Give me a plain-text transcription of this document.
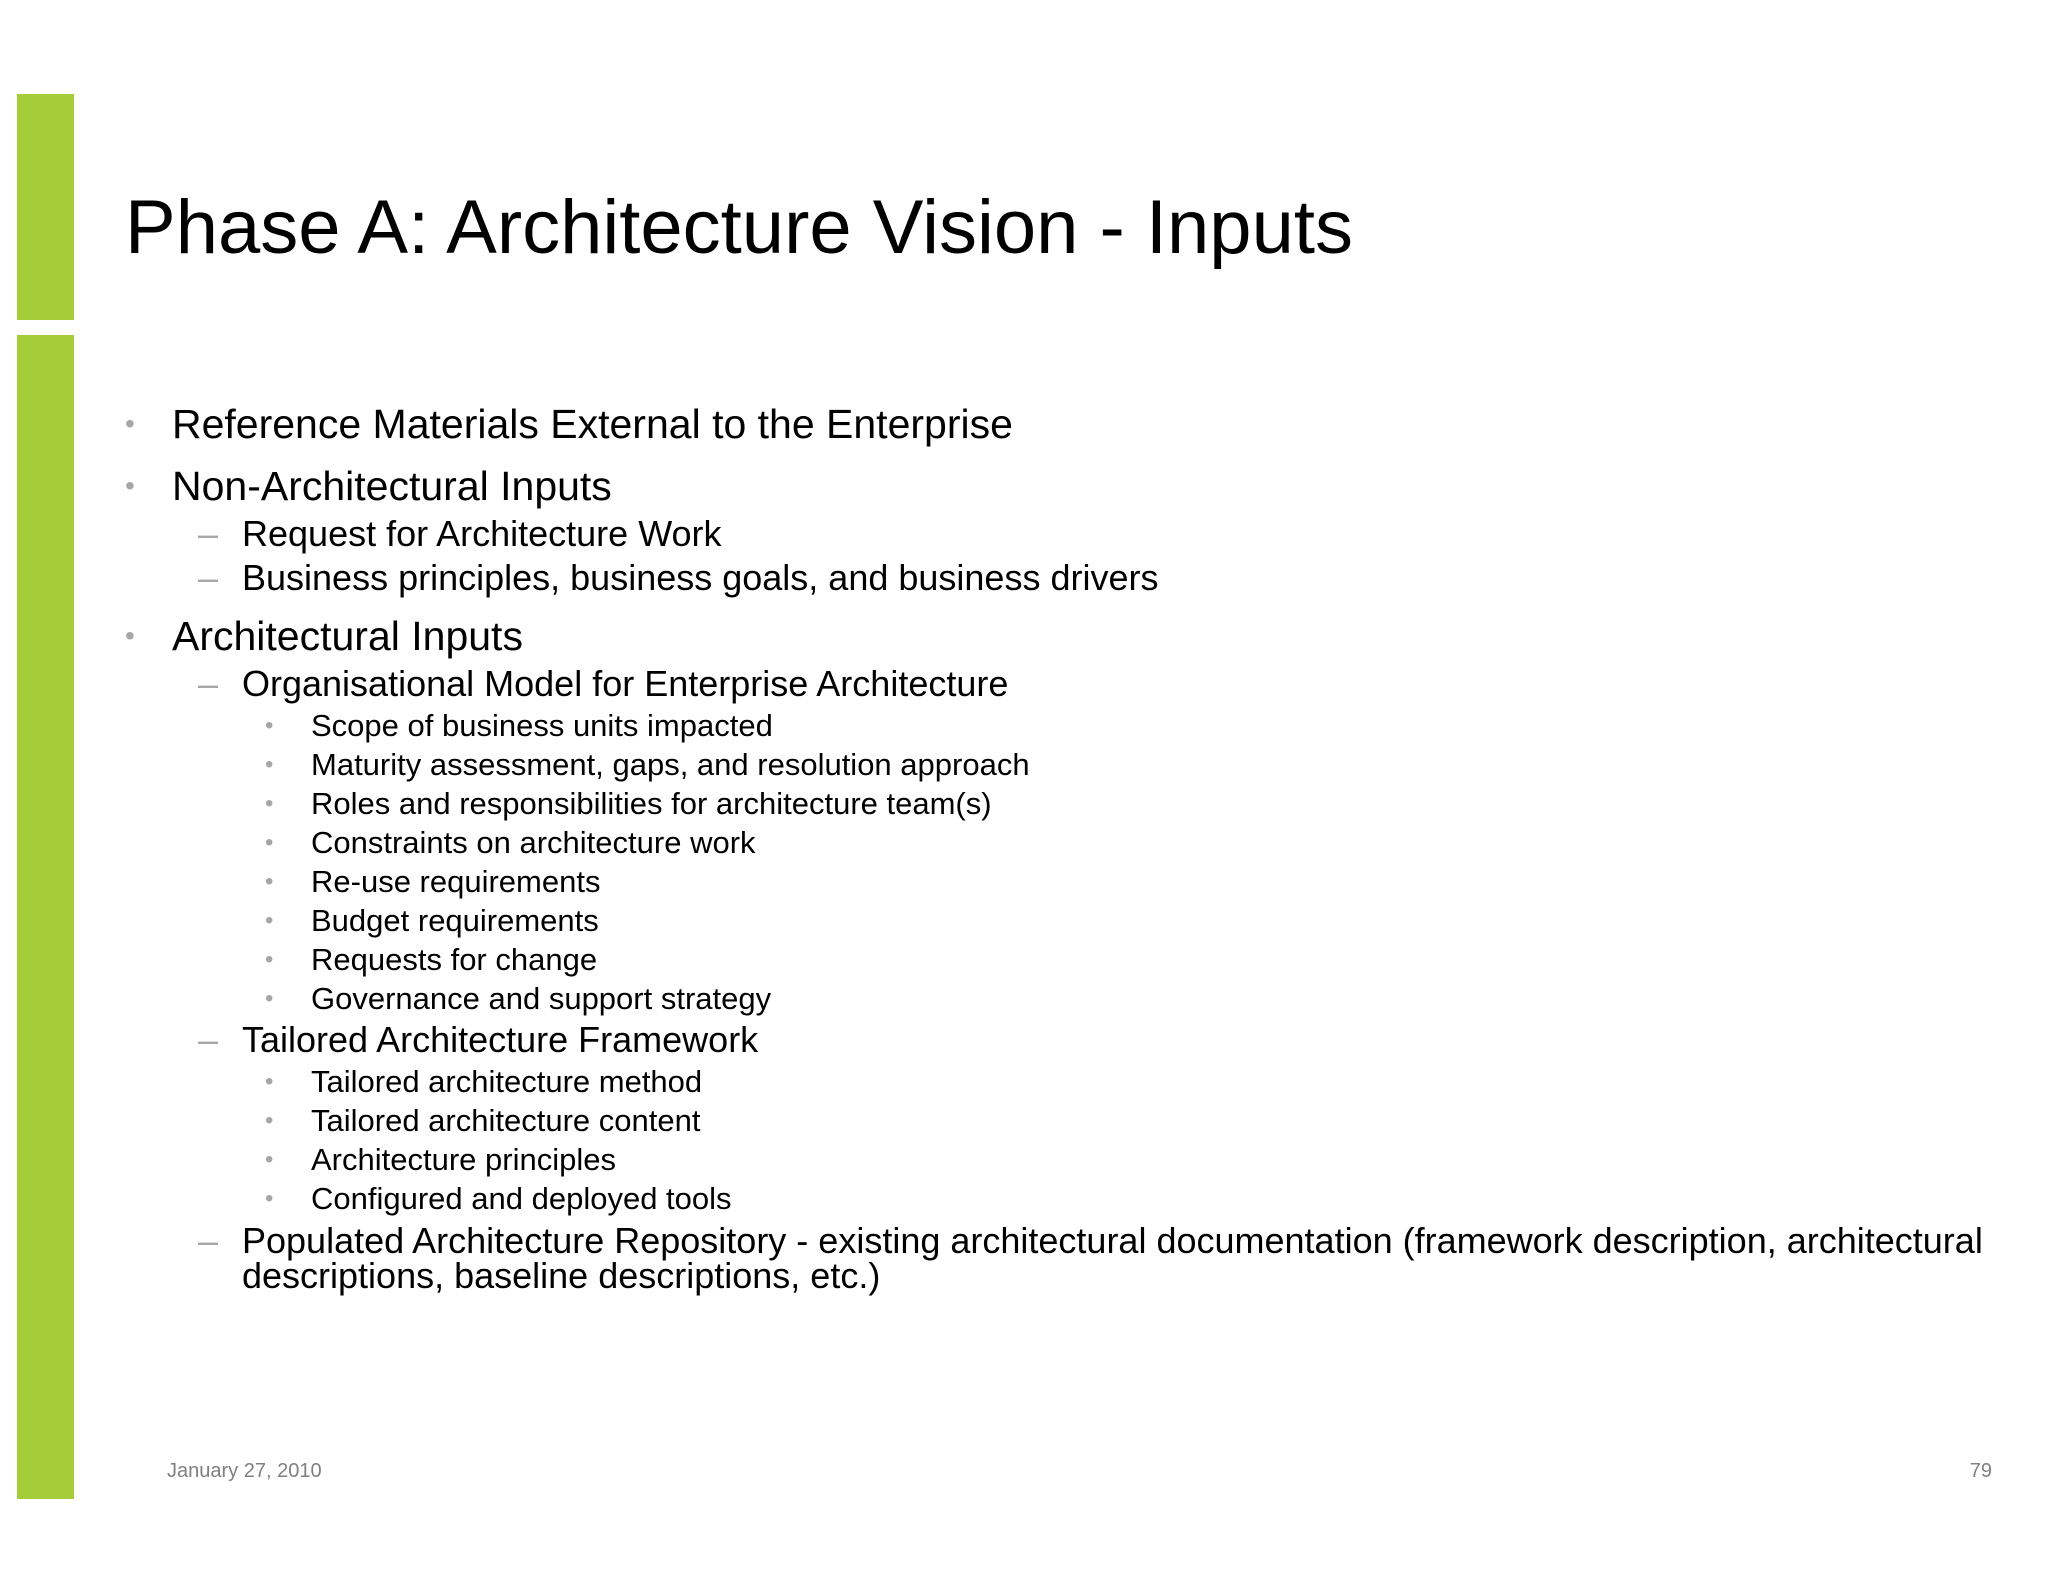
Phase A: Architecture Vision - Inputs
• Reference Materials External to the Enterprise
• Non-Architectural Inputs
– Request for Architecture Work
– Business principles, business goals, and business drivers
• Architectural Inputs
– Organisational Model for Enterprise Architecture
• Scope of business units impacted
• Maturity assessment, gaps, and resolution approach
• Roles and responsibilities for architecture team(s)
• Constraints on architecture work
• Re-use requirements
• Budget requirements
• Requests for change
• Governance and support strategy
– Tailored Architecture Framework
• Tailored architecture method
• Tailored architecture content
• Architecture principles
• Configured and deployed tools
– Populated Architecture Repository - existing architectural documentation (framework description, architectural descriptions, baseline descriptions, etc.)
January 27, 2010	79
